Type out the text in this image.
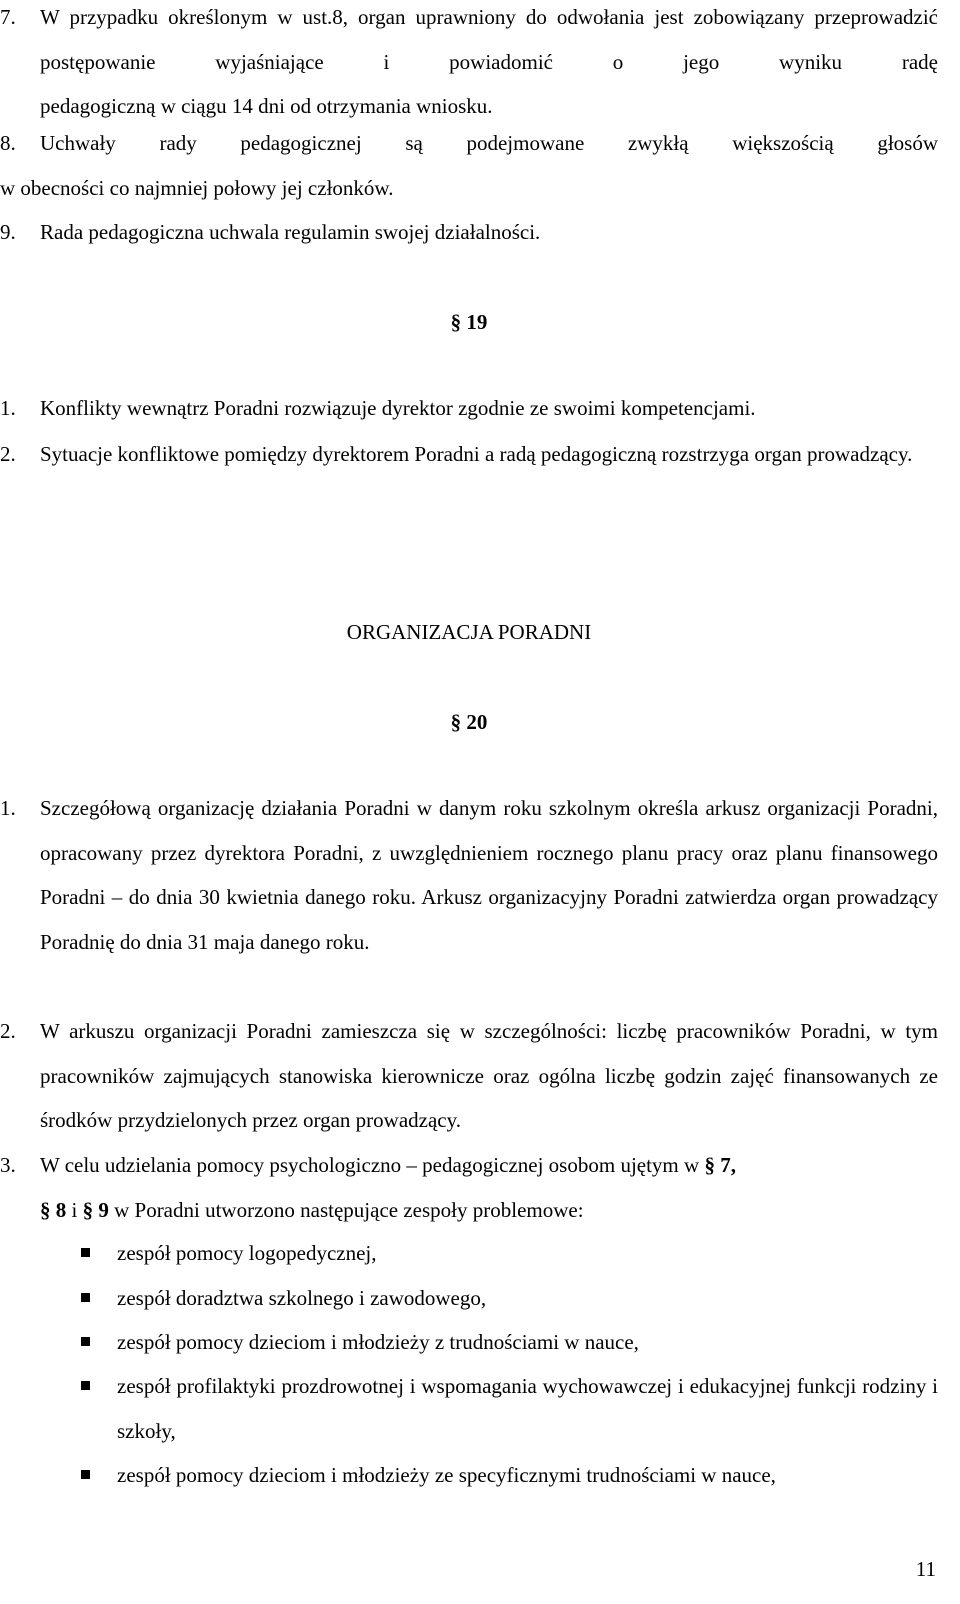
7. W przypadku określonym w ust.8, organ uprawniony do odwołania jest zobowiązany przeprowadzić postępowanie wyjaśniające i powiadomić o jego wyniku radę
pedagogiczną w ciągu 14 dni od otrzymania wniosku.
8. Uchwały rady pedagogicznej są podejmowane zwykłą większością głosów
w obecności co najmniej połowy jej członków.
9. Rada pedagogiczna uchwala regulamin swojej działalności.
§ 19
1. Konflikty wewnątrz Poradni rozwiązuje dyrektor zgodnie ze swoimi kompetencjami.
2. Sytuacje konfliktowe pomiędzy dyrektorem Poradni a radą pedagogiczną rozstrzyga organ prowadzący.
ORGANIZACJA PORADNI
§ 20
1. Szczegółową organizację działania Poradni w danym roku szkolnym określa arkusz organizacji Poradni, opracowany przez dyrektora Poradni, z uwzględnieniem rocznego planu pracy oraz planu finansowego Poradni – do dnia 30 kwietnia danego roku. Arkusz organizacyjny Poradni zatwierdza organ prowadzący Poradnię do dnia 31 maja danego roku.
2. W arkuszu organizacji Poradni zamieszcza się w szczególności: liczbę pracowników Poradni, w tym pracowników zajmujących stanowiska kierownicze oraz ogólna liczbę godzin zajęć finansowanych ze środków przydzielonych przez organ prowadzący.
3. W celu udzielania pomocy psychologiczno – pedagogicznej osobom ujętym w § 7,
§ 8 i § 9 w Poradni utworzono następujące zespoły problemowe:
zespół pomocy logopedycznej,
zespół doradztwa szkolnego i zawodowego,
zespół pomocy dzieciom i młodzieży z trudnościami w nauce,
zespół profilaktyki prozdrowotnej i wspomagania wychowawczej i edukacyjnej funkcji rodziny i szkoły,
zespół pomocy dzieciom i młodzieży ze specyficznymi trudnościami w nauce,
11
